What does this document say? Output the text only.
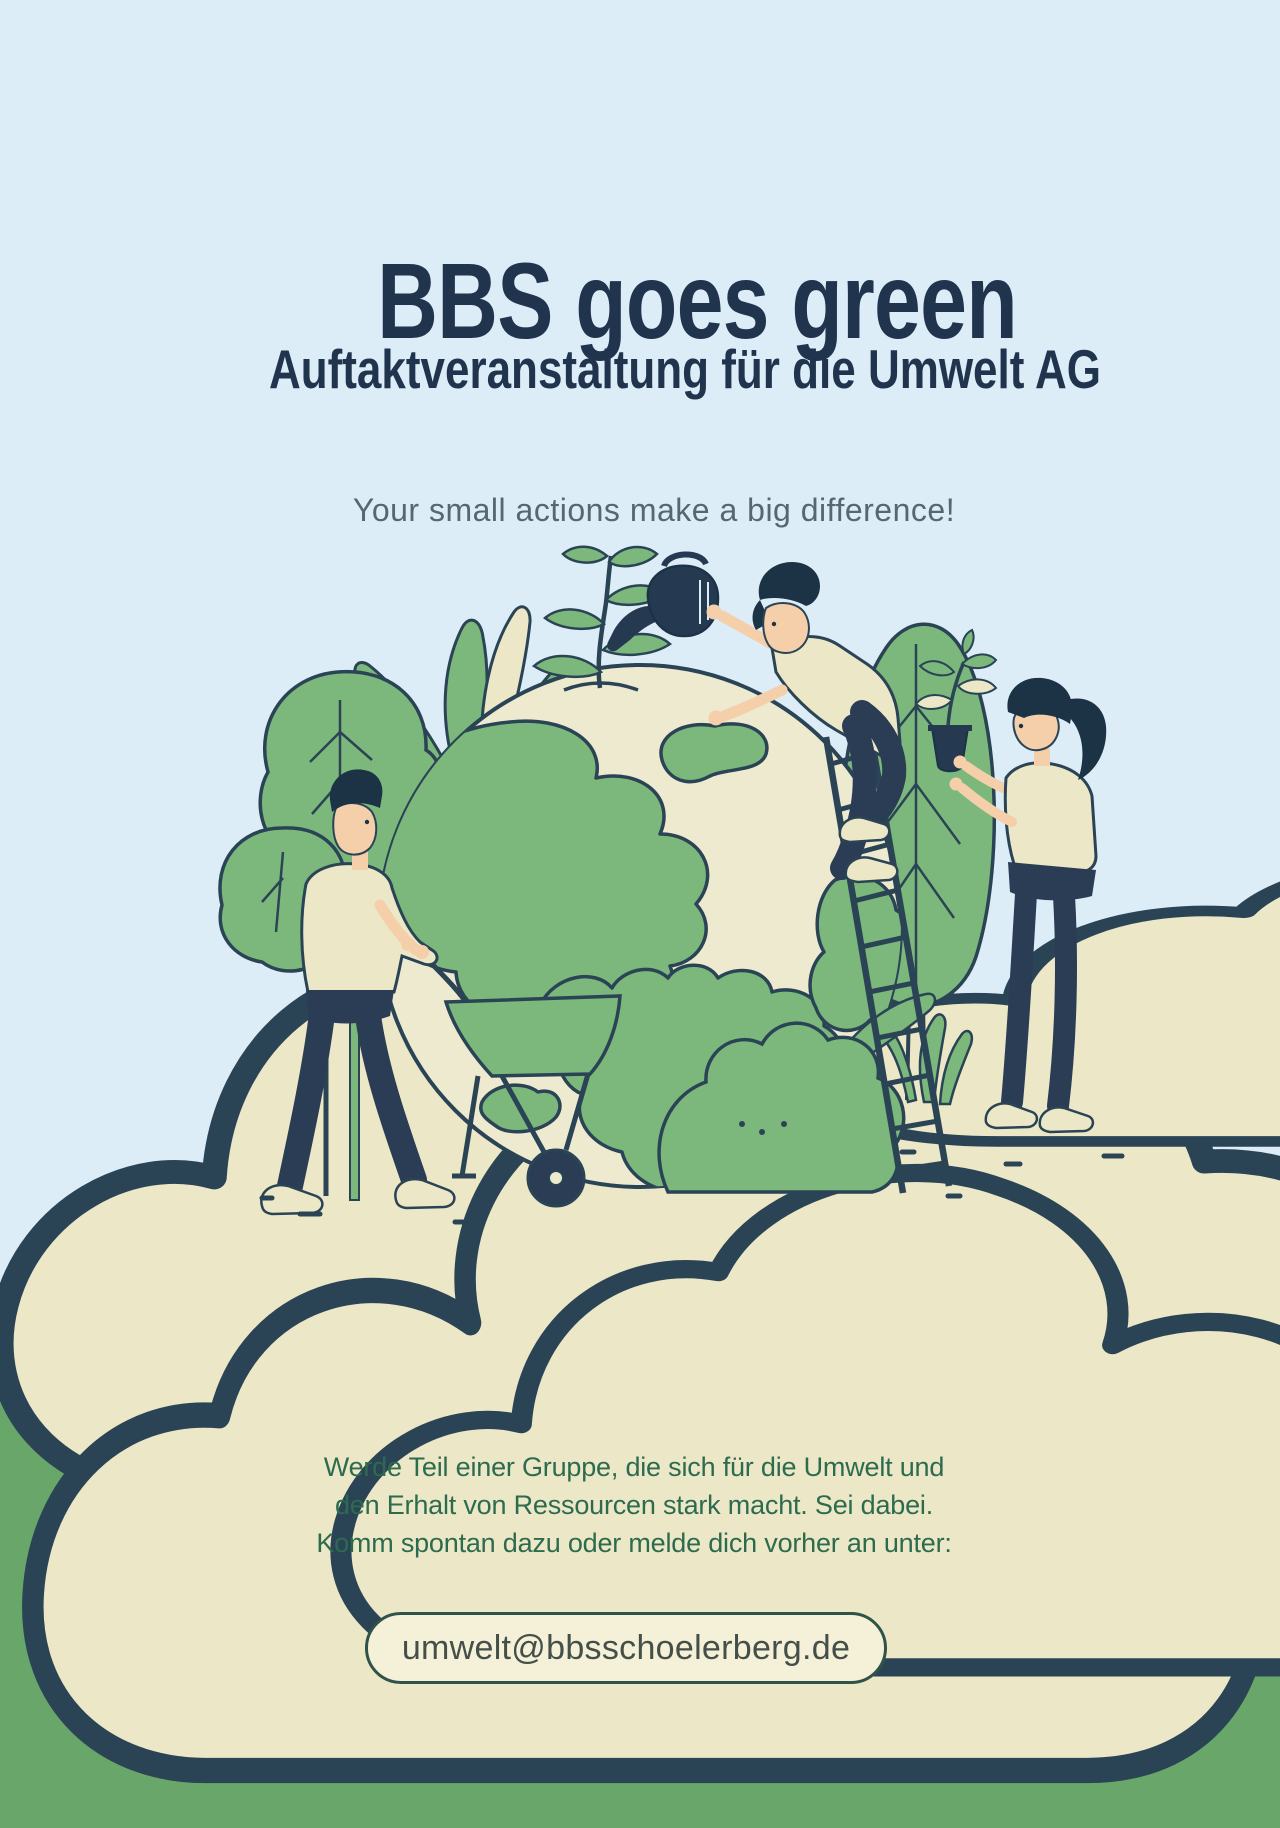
BBS goes green
Auftaktveranstaltung für die Umwelt AG

Your small actions make a big difference!

Werde Teil einer Gruppe, die sich für die Umwelt und
den Erhalt von Ressourcen stark macht. Sei dabei.
Komm spontan dazu oder melde dich vorher an unter:
umwelt@bbsschoelerberg.de
